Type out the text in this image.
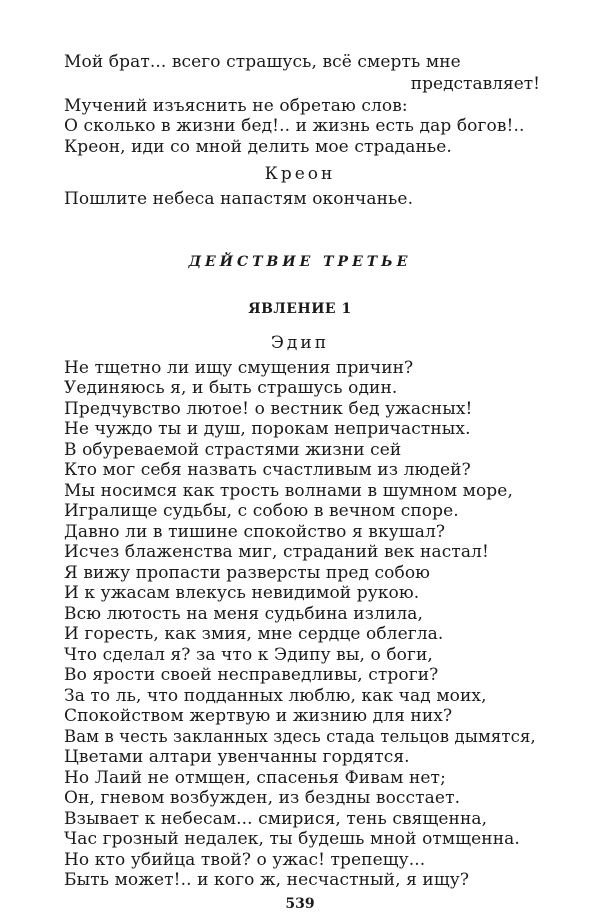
Мой брат... всего страшусь, всё смерть мне
представляет!
Мучений изъяснить не обретаю слов:
О сколько в жизни бед!.. и жизнь есть дар богов!..
Креон, иди со мной делить мое страданье.
Креон
Пошлите небеса напастям окончанье.
ДЕЙСТВИЕ ТРЕТЬЕ
ЯВЛЕНИЕ 1
Эдип
Не тщетно ли ищу смущения причин?
Уединяюсь я, и быть страшусь один.
Предчувство лютое! о вестник бед ужасных!
Не чуждо ты и душ, порокам непричастных.
В обуреваемой страстями жизни сей
Кто мог себя назвать счастливым из людей?
Мы носимся как трость волнами в шумном море,
Игралище судьбы, с собою в вечном споре.
Давно ли в тишине спокойство я вкушал?
Исчез блаженства миг, страданий век настал!
Я вижу пропасти разверсты пред собою
И к ужасам влекусь невидимой рукою.
Всю лютость на меня судьбина излила,
И горесть, как змия, мне сердце облегла.
Что сделал я? за что к Эдипу вы, о боги,
Во ярости своей несправедливы, строги?
За то ль, что подданных люблю, как чад моих,
Спокойством жертвую и жизнию для них?
Вам в честь закланных здесь стада тельцов дымятся,
Цветами алтари увенчанны гордятся.
Но Лаий не отмщен, спасенья Фивам нет;
Он, гневом возбужден, из бездны восстает.
Взывает к небесам... смирися, тень священна,
Час грозный недалек, ты будешь мной отмщенна.
Но кто убийца твой? о ужас! трепещу...
Быть может!.. и кого ж, несчастный, я ищу?
539
